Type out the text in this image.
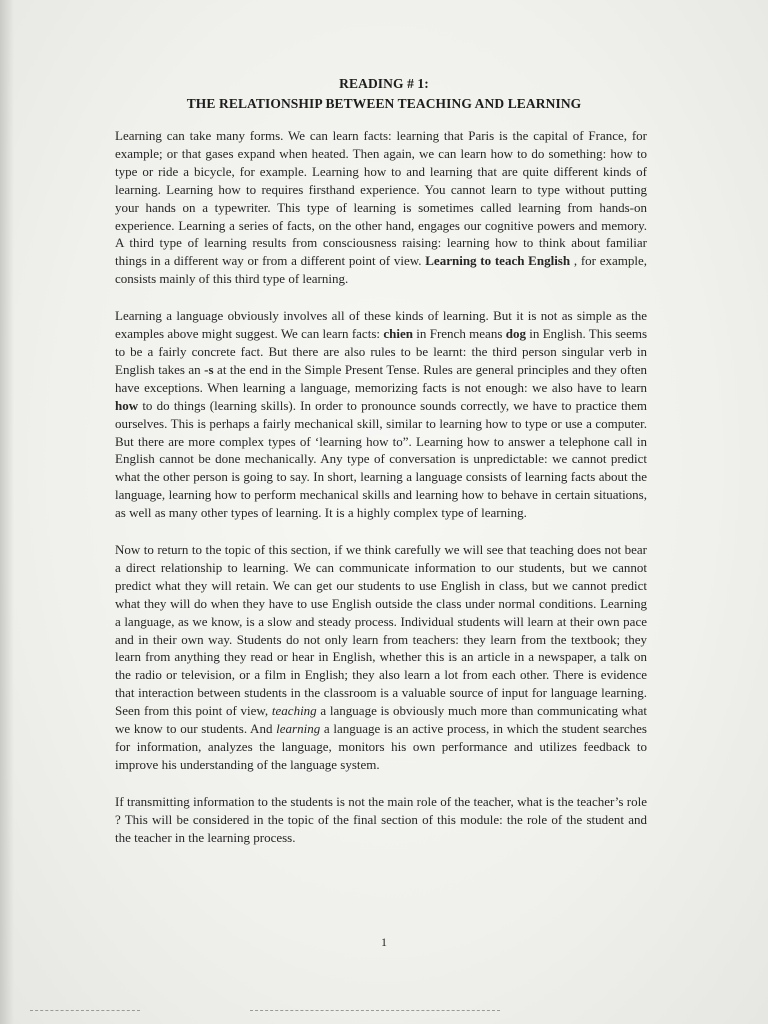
READING # 1:
THE RELATIONSHIP BETWEEN TEACHING AND LEARNING

Learning can take many forms. We can learn facts: learning that Paris is the capital of France, for example; or that gases expand when heated. Then again, we can learn how to do something: how to type or ride a bicycle, for example. Learning how to and learning that are quite different kinds of learning. Learning how to requires firsthand experience. You cannot learn to type without putting your hands on a typewriter. This type of learning is sometimes called learning from hands-on experience. Learning a series of facts, on the other hand, engages our cognitive powers and memory. A third type of learning results from consciousness raising: learning how to think about familiar things in a different way or from a different point of view. Learning to teach English , for example, consists mainly of this third type of learning.

Learning a language obviously involves all of these kinds of learning. But it is not as simple as the examples above might suggest. We can learn facts: chien in French means dog in English. This seems to be a fairly concrete fact. But there are also rules to be learnt: the third person singular verb in English takes an -s at the end in the Simple Present Tense. Rules are general principles and they often have exceptions. When learning a language, memorizing facts is not enough: we also have to learn how to do things (learning skills). In order to pronounce sounds correctly, we have to practice them ourselves. This is perhaps a fairly mechanical skill, similar to learning how to type or use a computer. But there are more complex types of ‘learning how to”. Learning how to answer a telephone call in English cannot be done mechanically. Any type of conversation is unpredictable: we cannot predict what the other person is going to say. In short, learning a language consists of learning facts about the language, learning how to perform mechanical skills and learning how to behave in certain situations, as well as many other types of learning. It is a highly complex type of learning.

Now to return to the topic of this section, if we think carefully we will see that teaching does not bear a direct relationship to learning. We can communicate information to our students, but we cannot predict what they will retain. We can get our students to use English in class, but we cannot predict what they will do when they have to use English outside the class under normal conditions. Learning a language, as we know, is a slow and steady process. Individual students will learn at their own pace and in their own way. Students do not only learn from teachers: they learn from the textbook; they learn from anything they read or hear in English, whether this is an article in a newspaper, a talk on the radio or television, or a film in English; they also learn a lot from each other. There is evidence that interaction between students in the classroom is a valuable source of input for language learning. Seen from this point of view, teaching a language is obviously much more than communicating what we know to our students. And learning a language is an active process, in which the student searches for information, analyzes the language, monitors his own performance and utilizes feedback to improve his understanding of the language system.

If transmitting information to the students is not the main role of the teacher, what is the teacher’s role ? This will be considered in the topic of the final section of this module: the role of the student and the teacher in the learning process.

1
